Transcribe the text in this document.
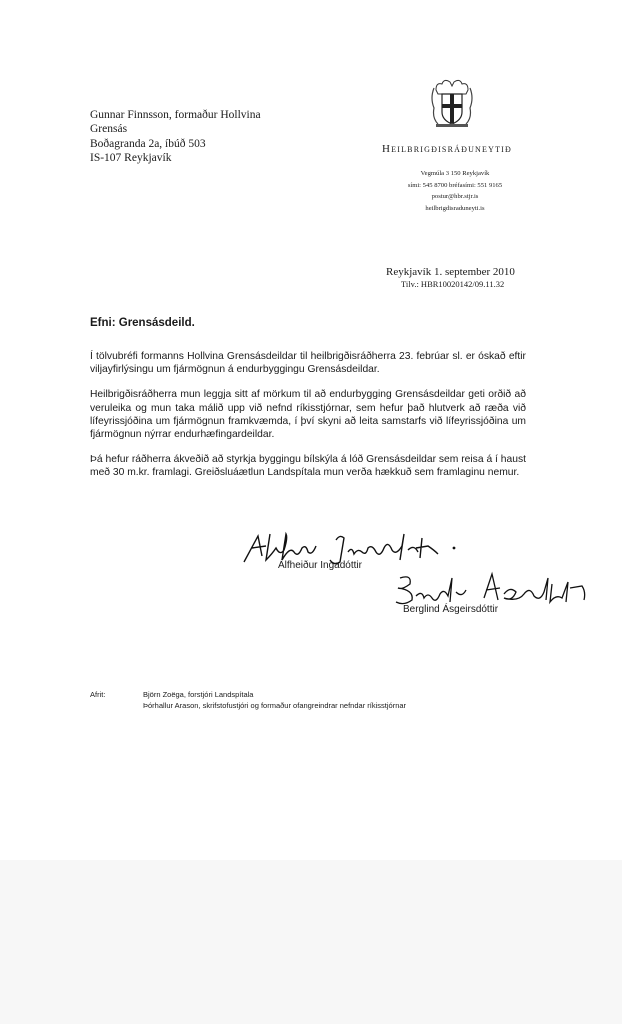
Gunnar Finnsson, formaður Hollvina
Grensás
Boðagranda 2a, íbúð 503
IS-107 Reykjavík
Heilbrigðisráðuneytið
Vegmúla 3 150 Reykjavík
sími: 545 8700 bréfasími: 551 9165
postur@hbr.stjr.is
heilbrigdisraduneyti.is
Reykjavík 1. september 2010
Tilv.: HBR10020142/09.11.32
Efni: Grensásdeild.

Í tölvubréfi formanns Hollvina Grensásdeildar til heilbrigðisráðherra 23. febrúar sl. er óskað eftir viljayfirlýsingu um fjármögnun á endurbyggingu Grensásdeildar.

Heilbrigðisráðherra mun leggja sitt af mörkum til að endurbygging Grensásdeildar geti orðið að veruleika og mun taka málið upp við nefnd ríkisstjórnar, sem hefur það hlutverk að ræða við lífeyrissjóðina um fjármögnun framkvæmda, í því skyni að leita samstarfs við lífeyrissjóðina um fjármögnun nýrrar endurhæfingardeildar.

Þá hefur ráðherra ákveðið að styrkja byggingu bílskýla á lóð Grensásdeildar sem reisa á í haust með 30 m.kr. framlagi. Greiðsluáætlun Landspítala mun verða hækkuð sem framlaginu nemur.

Álfheiður Ingadóttir
Berglind Ásgeirsdóttir
Afrit:	Björn Zoëga, forstjóri Landspítala
Þórhallur Arason, skrifstofustjóri og formaður ofangreindrar nefndar ríkisstjórnar
